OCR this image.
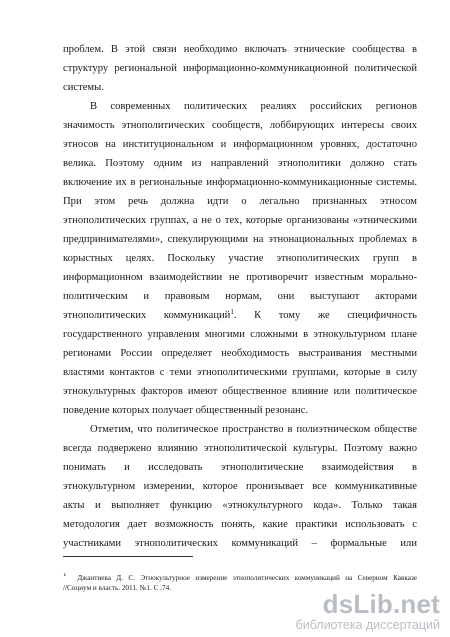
проблем. В этой связи необходимо включать этнические сообщества в
структуру региональной информационно-коммуникационной политической
системы.
В современных политических реалиях российских регионов
значимость этнополитических сообществ, лоббирующих интересы своих
этносов на институциональном и информационном уровнях, достаточно
велика. Поэтому одним из направлений этнополитики должно стать
включение их в региональные информационно-коммуникационные системы.
При этом речь должна идти о легально признанных этносом
этнополитических группах, а не о тех, которые организованы «этническими
предпринимателями», спекулирующими на этнонациональных проблемах в
корыстных целях. Поскольку участие этнополитических групп в
информационном взаимодействии не противоречит известным морально-
политическим и правовым нормам, они выступают акторами
этнополитических коммуникаций$^1$. К тому же специфичность
государственного управления многими сложными в этнокультурном плане
регионами России определяет необходимость выстраивания местными
властями контактов с теми этнополитическими группами, которые в силу
этнокультурных факторов имеют общественное влияние или политическое
поведение которых получает общественный резонанс.
Отметим, что политическое пространство в полиэтническом обществе
всегда подвержено влиянию этнополитической культуры. Поэтому важно
понимать и исследовать этнополитические взаимодействия в
этнокультурном измерении, которое пронизывает все коммуникативные
акты и выполняет функцию «этнокультурного кода». Только такая
методология дает возможность понять, какие практики использовать с
участниками этнополитических коммуникаций – формальные или
$^1$ Джантиева Д. С. Этнокультурное измерение этнополитических коммуникаций на Северном Кавказе
//Социум и власть. 2011. №1. С .74.
dsLib.net
библиотека диссертаций
